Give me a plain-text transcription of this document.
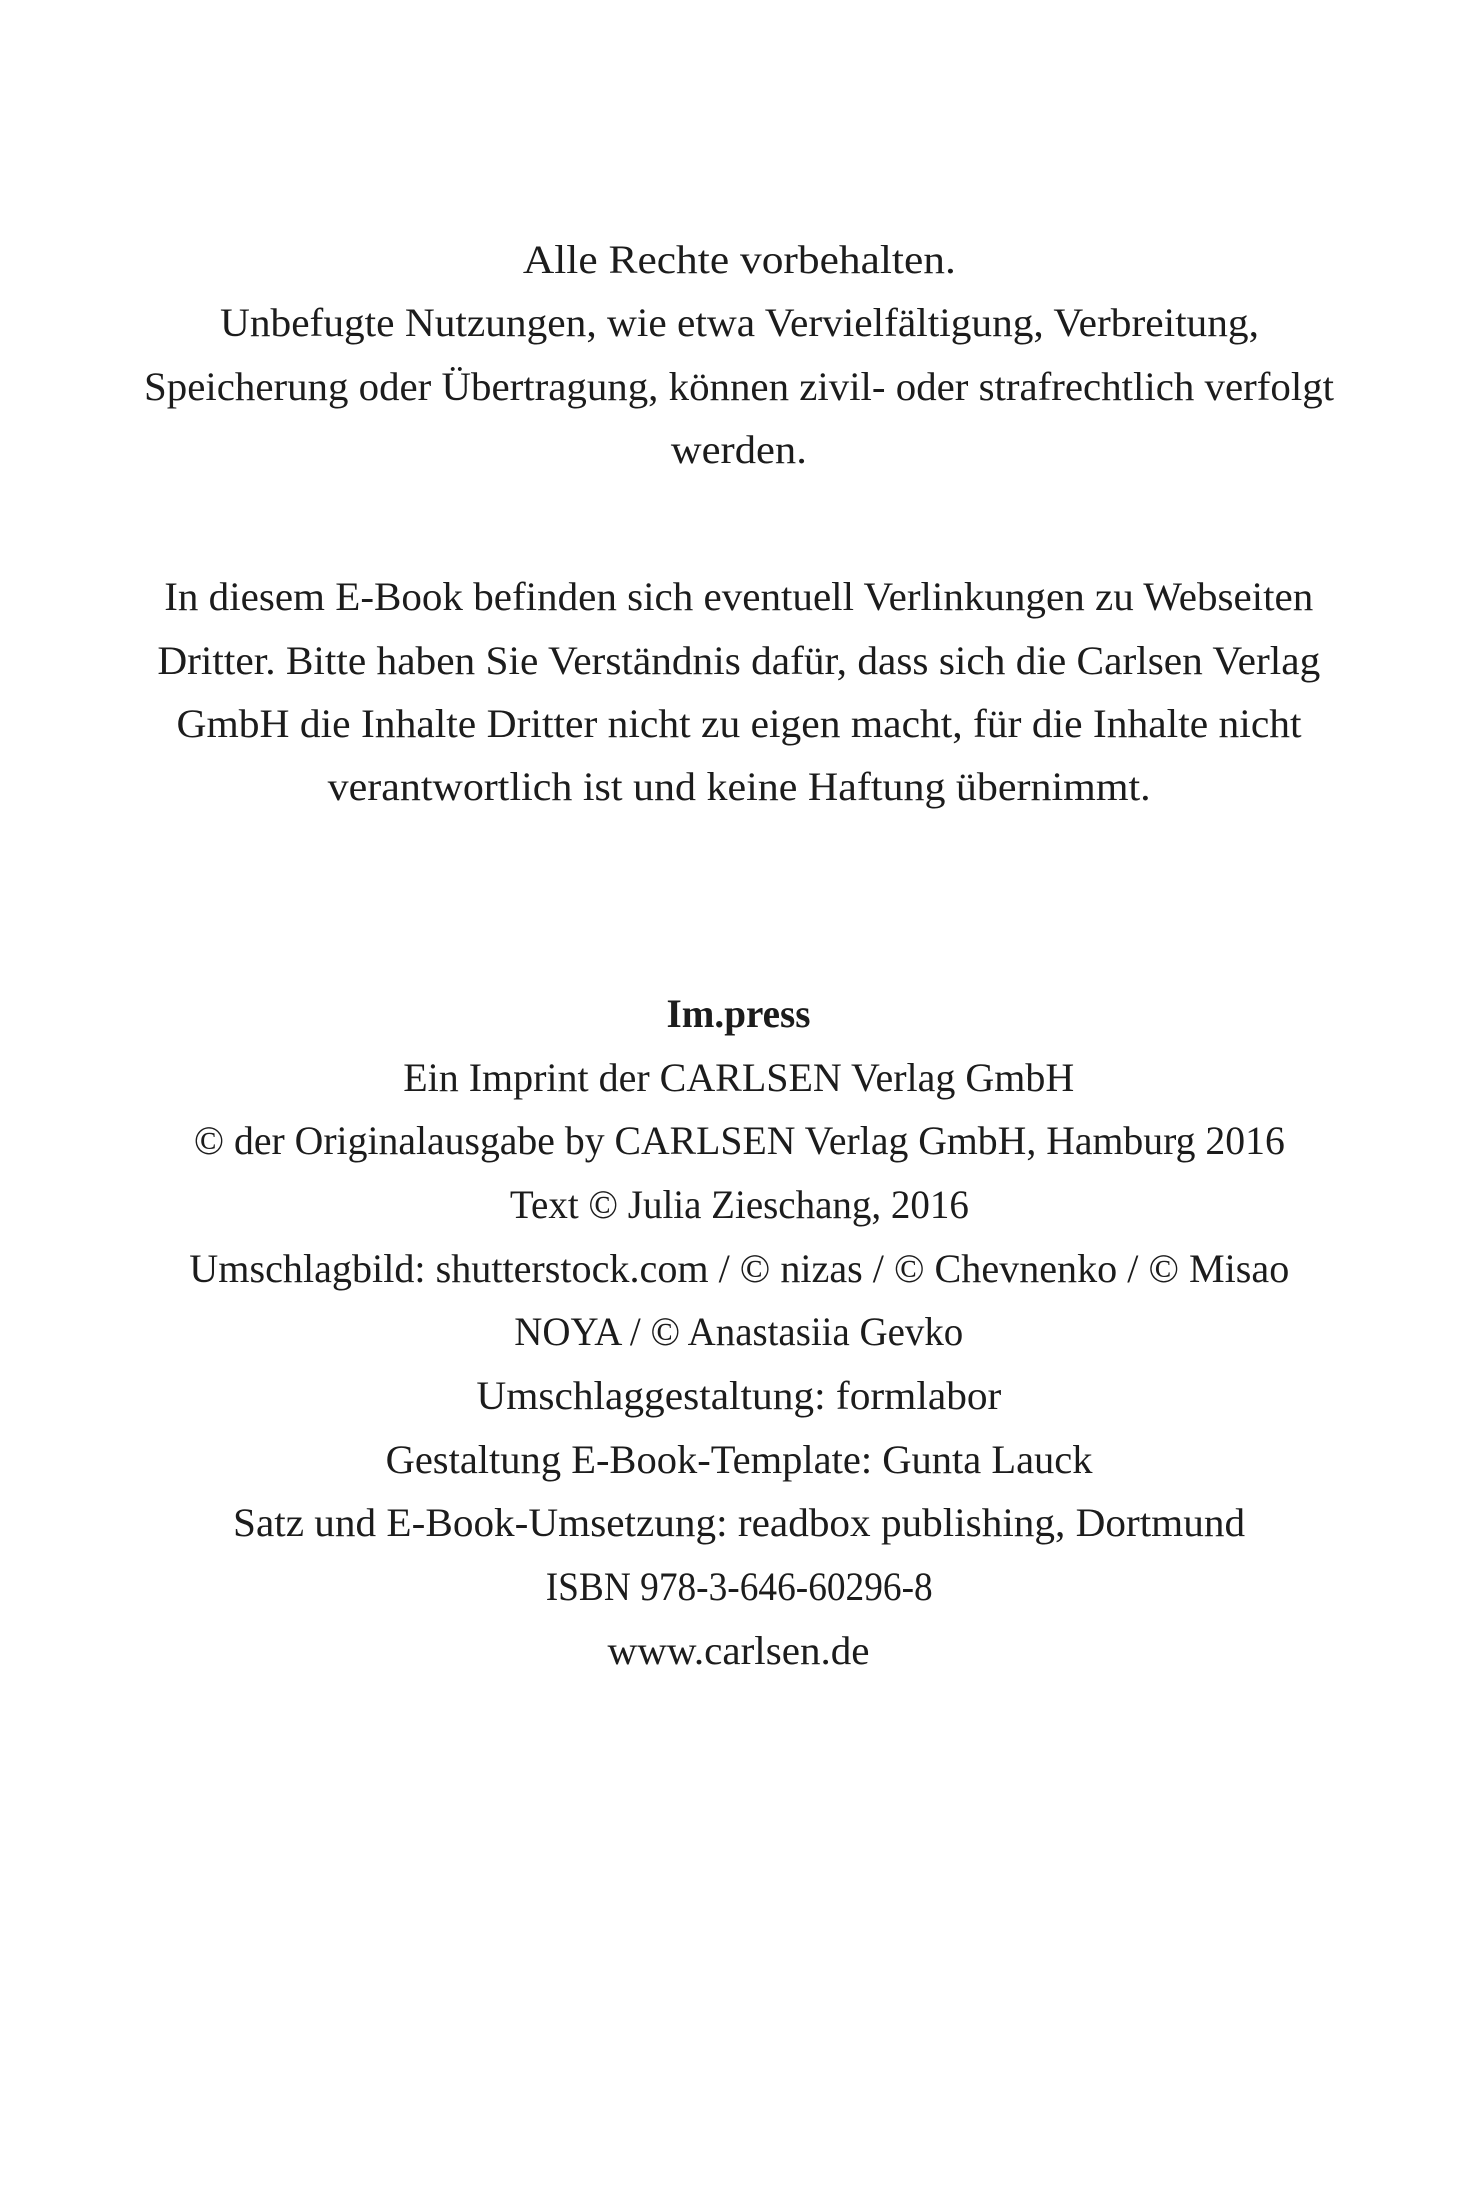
Alle Rechte vorbehalten.
Unbefugte Nutzungen, wie etwa Vervielfältigung, Verbreitung,
Speicherung oder Übertragung, können zivil- oder strafrechtlich verfolgt
werden.
In diesem E-Book befinden sich eventuell Verlinkungen zu Webseiten
Dritter. Bitte haben Sie Verständnis dafür, dass sich die Carlsen Verlag
GmbH die Inhalte Dritter nicht zu eigen macht, für die Inhalte nicht
verantwortlich ist und keine Haftung übernimmt.
Im.press
Ein Imprint der CARLSEN Verlag GmbH
© der Originalausgabe by CARLSEN Verlag GmbH, Hamburg 2016
Text © Julia Zieschang, 2016
Umschlagbild: shutterstock.com / © nizas / © Chevnenko / © Misao
NOYA / © Anastasiia Gevko
Umschlaggestaltung: formlabor
Gestaltung E-Book-Template: Gunta Lauck
Satz und E-Book-Umsetzung: readbox publishing, Dortmund
ISBN 978-3-646-60296-8
www.carlsen.de
